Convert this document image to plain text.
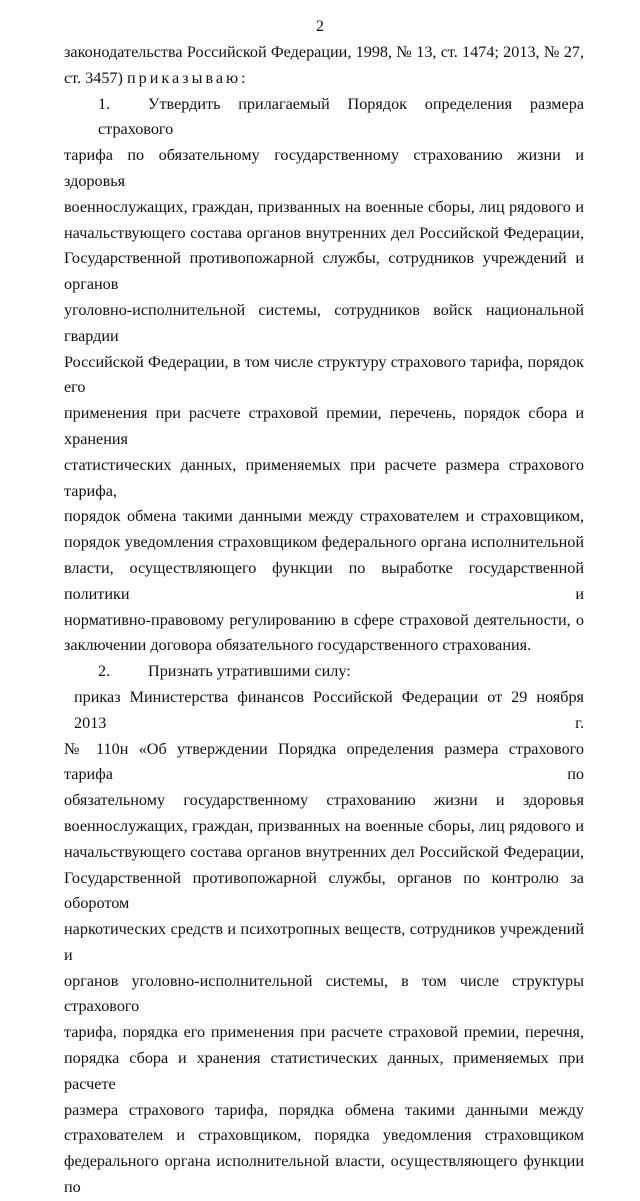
2
законодательства Российской Федерации, 1998, № 13, ст. 1474; 2013, № 27,
ст. 3457) приказываю:
1. Утвердить прилагаемый Порядок определения размера страхового
тарифа по обязательному государственному страхованию жизни и здоровья
военнослужащих, граждан, призванных на военные сборы, лиц рядового и
начальствующего состава органов внутренних дел Российской Федерации,
Государственной противопожарной службы, сотрудников учреждений и органов
уголовно-исполнительной системы, сотрудников войск национальной гвардии
Российской Федерации, в том числе структуру страхового тарифа, порядок его
применения при расчете страховой премии, перечень, порядок сбора и хранения
статистических данных, применяемых при расчете размера страхового тарифа,
порядок обмена такими данными между страхователем и страховщиком,
порядок уведомления страховщиком федерального органа исполнительной
власти, осуществляющего функции по выработке государственной политики и
нормативно-правовому регулированию в сфере страховой деятельности, о
заключении договора обязательного государственного страхования.
2. Признать утратившими силу:
приказ Министерства финансов Российской Федерации от 29 ноября 2013 г.
№ 110н «Об утверждении Порядка определения размера страхового тарифа по
обязательному государственному страхованию жизни и здоровья
военнослужащих, граждан, призванных на военные сборы, лиц рядового и
начальствующего состава органов внутренних дел Российской Федерации,
Государственной противопожарной службы, органов по контролю за оборотом
наркотических средств и психотропных веществ, сотрудников учреждений и
органов уголовно-исполнительной системы, в том числе структуры страхового
тарифа, порядка его применения при расчете страховой премии, перечня,
порядка сбора и хранения статистических данных, применяемых при расчете
размера страхового тарифа, порядка обмена такими данными между
страхователем и страховщиком, порядка уведомления страховщиком
федерального органа исполнительной власти, осуществляющего функции по
